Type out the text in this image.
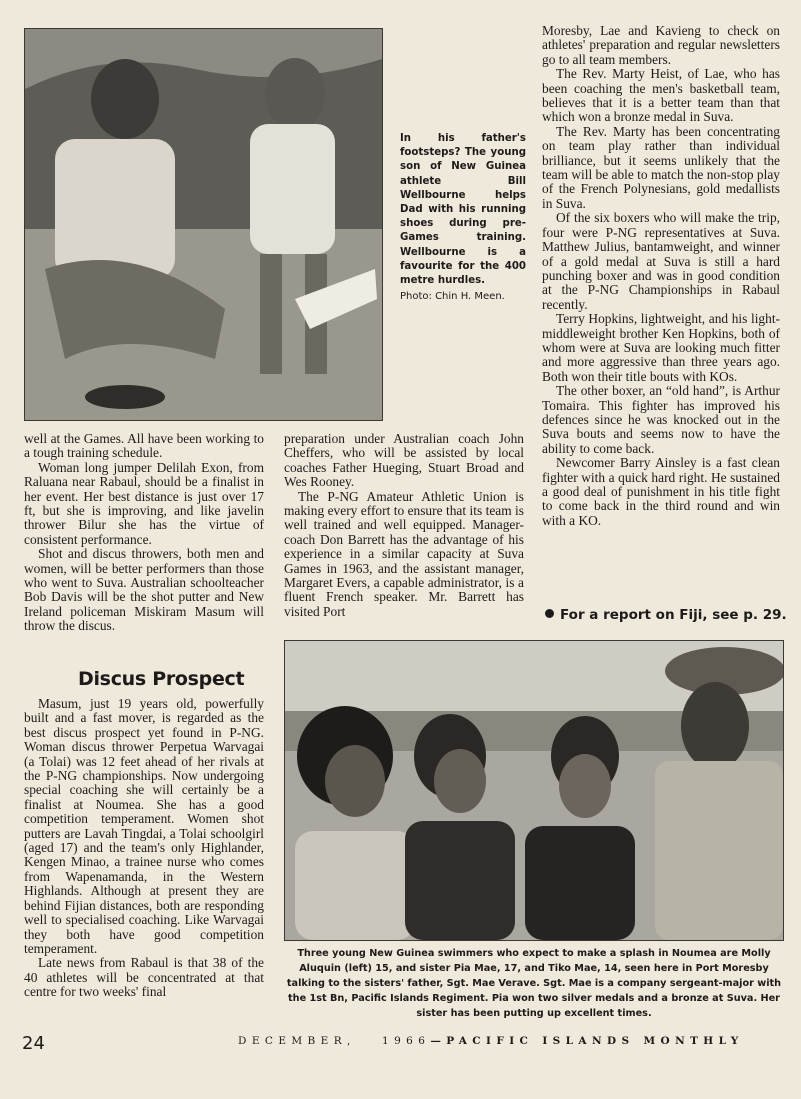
In his father's footsteps? The young son of New Guinea athlete Bill Wellbourne helps Dad with his running shoes during pre-Games training. Wellbourne is a favourite for the 400 metre hurdles.
Photo: Chin H. Meen.

Moresby, Lae and Kavieng to check on athletes' preparation and regular newsletters go to all team members.

The Rev. Marty Heist, of Lae, who has been coaching the men's basketball team, believes that it is a better team than that which won a bronze medal in Suva.

The Rev. Marty has been concentrating on team play rather than individual brilliance, but it seems unlikely that the team will be able to match the non-stop play of the French Polynesians, gold medallists in Suva.

Of the six boxers who will make the trip, four were P-NG representatives at Suva. Matthew Julius, bantamweight, and winner of a gold medal at Suva is still a hard punching boxer and was in good condition at the P-NG Championships in Rabaul recently.

Terry Hopkins, lightweight, and his light-middleweight brother Ken Hopkins, both of whom were at Suva are looking much fitter and more aggressive than three years ago. Both won their title bouts with KOs.

The other boxer, an “old hand”, is Arthur Tomaira. This fighter has improved his defences since he was knocked out in the Suva bouts and seems now to have the ability to come back.

Newcomer Barry Ainsley is a fast clean fighter with a quick hard right. He sustained a good deal of punishment in his title fight to come back in the third round and win with a KO.

For a report on Fiji, see p. 29.

well at the Games. All have been working to a tough training schedule.

Woman long jumper Delilah Exon, from Raluana near Rabaul, should be a finalist in her event. Her best distance is just over 17 ft, but she is improving, and like javelin thrower Bilur she has the virtue of consistent performance.

Shot and discus throwers, both men and women, will be better performers than those who went to Suva. Australian schoolteacher Bob Davis will be the shot putter and New Ireland policeman Miskiram Masum will throw the discus.

Discus Prospect

Masum, just 19 years old, powerfully built and a fast mover, is regarded as the best discus prospect yet found in P-NG. Woman discus thrower Perpetua Warvagai (a Tolai) was 12 feet ahead of her rivals at the P-NG championships. Now undergoing special coaching she will certainly be a finalist at Noumea. She has a good competition temperament. Women shot putters are Lavah Tingdai, a Tolai schoolgirl (aged 17) and the team's only Highlander, Kengen Minao, a trainee nurse who comes from Wapenamanda, in the Western Highlands. Although at present they are behind Fijian distances, both are responding well to specialised coaching. Like Warvagai they both have good competition temperament.

Late news from Rabaul is that 38 of the 40 athletes will be concentrated at that centre for two weeks' final

preparation under Australian coach John Cheffers, who will be assisted by local coaches Father Hueging, Stuart Broad and Wes Rooney.

The P-NG Amateur Athletic Union is making every effort to ensure that its team is well trained and well equipped. Manager-coach Don Barrett has the advantage of his experience in a similar capacity at Suva Games in 1963, and the assistant manager, Margaret Evers, a capable administrator, is a fluent French speaker. Mr. Barrett has visited Port

Three young New Guinea swimmers who expect to make a splash in Noumea are Molly Aluquin (left) 15, and sister Pia Mae, 17, and Tiko Mae, 14, seen here in Port Moresby talking to the sisters' father, Sgt. Mae Verave. Sgt. Mae is a company sergeant-major with the 1st Bn, Pacific Islands Regiment. Pia won two silver medals and a bronze at Suva. Her sister has been putting up excellent times.
24	DECEMBER, 1966—PACIFIC ISLANDS MONTHLY
